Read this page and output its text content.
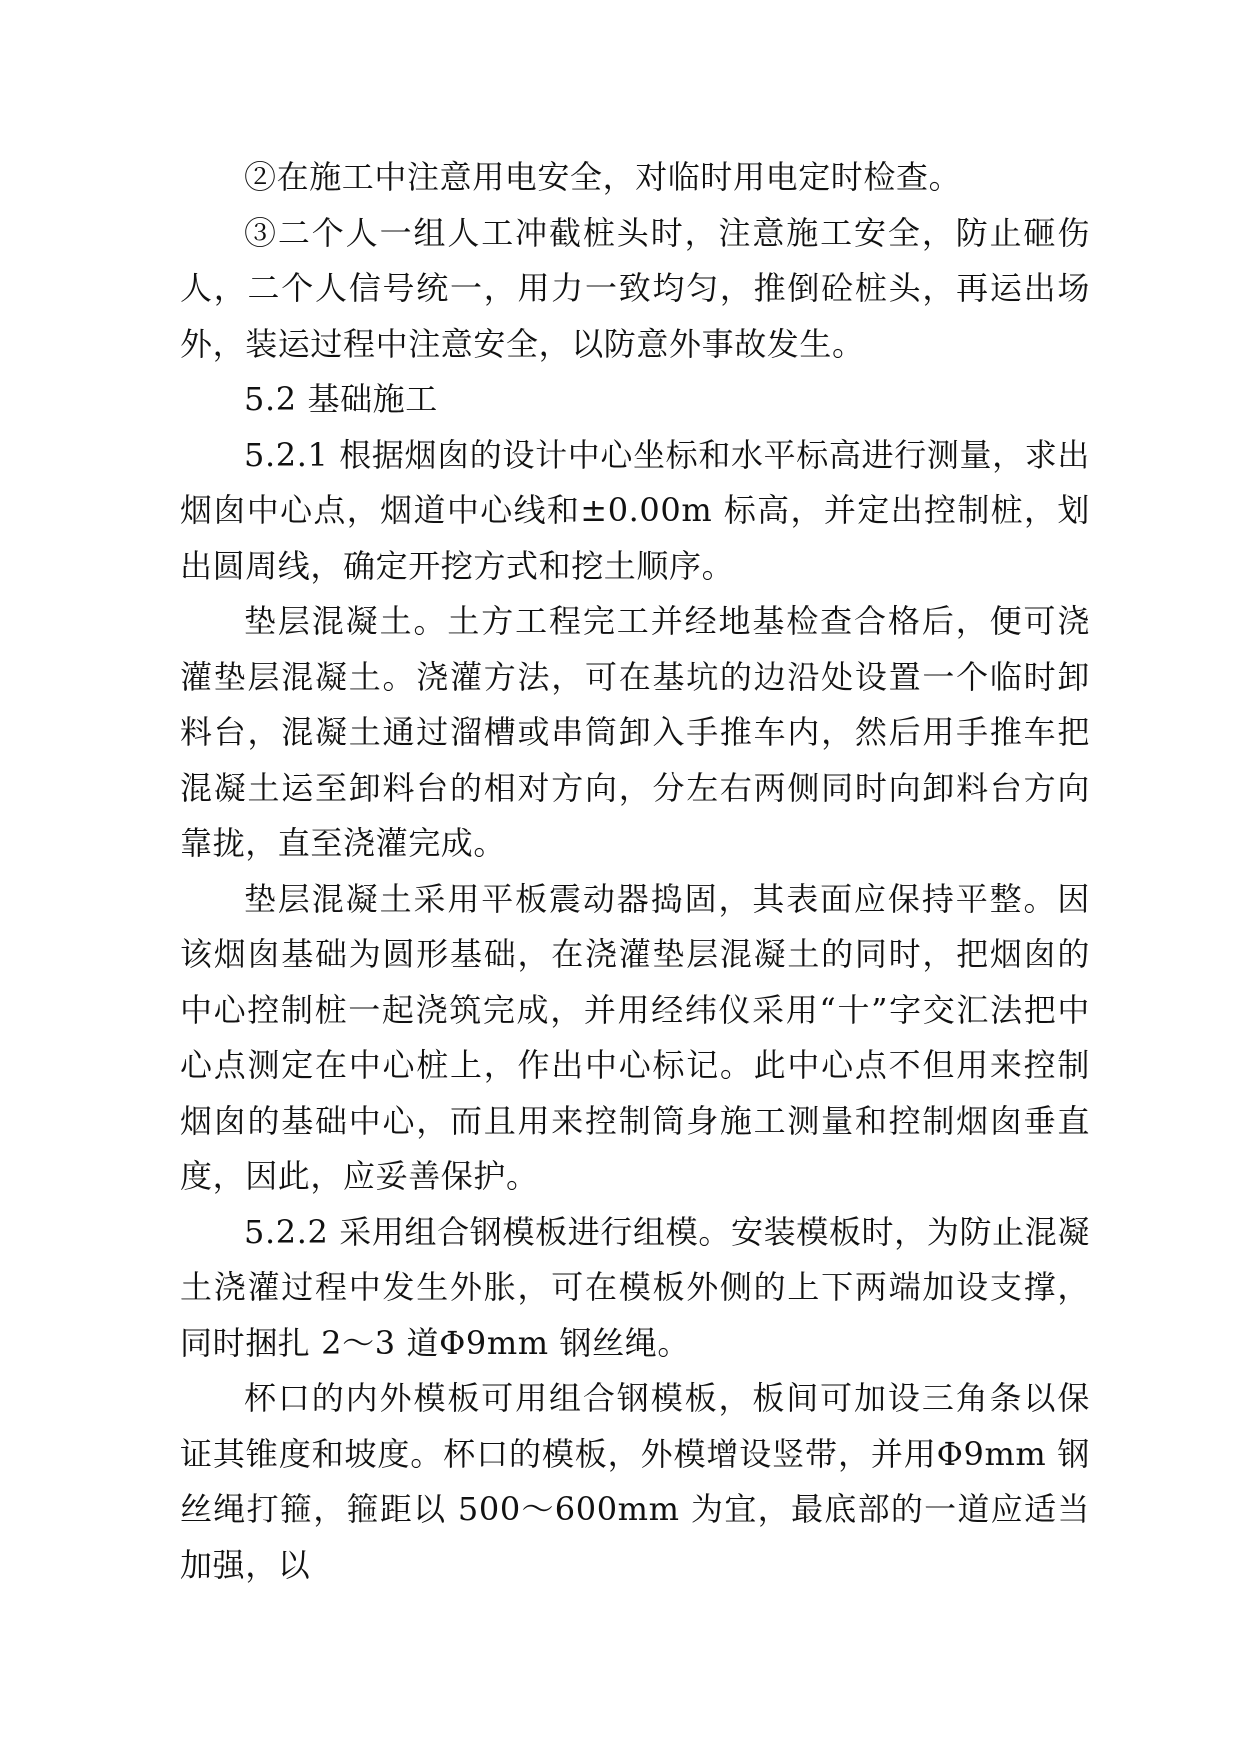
②在施工中注意用电安全，对临时用电定时检查。

③二个人一组人工冲截桩头时，注意施工安全，防止砸伤人，二个人信号统一，用力一致均匀，推倒砼桩头，再运出场外，装运过程中注意安全，以防意外事故发生。

5.2 基础施工

5.2.1 根据烟囱的设计中心坐标和水平标高进行测量，求出烟囱中心点，烟道中心线和±0.00m 标高，并定出控制桩，划出圆周线，确定开挖方式和挖土顺序。

垫层混凝土。土方工程完工并经地基检查合格后，便可浇灌垫层混凝土。浇灌方法，可在基坑的边沿处设置一个临时卸料台，混凝土通过溜槽或串筒卸入手推车内，然后用手推车把混凝土运至卸料台的相对方向，分左右两侧同时向卸料台方向靠拢，直至浇灌完成。

垫层混凝土采用平板震动器捣固，其表面应保持平整。因该烟囱基础为圆形基础，在浇灌垫层混凝土的同时，把烟囱的中心控制桩一起浇筑完成，并用经纬仪采用“十”字交汇法把中心点测定在中心桩上，作出中心标记。此中心点不但用来控制烟囱的基础中心，而且用来控制筒身施工测量和控制烟囱垂直度，因此，应妥善保护。

5.2.2 采用组合钢模板进行组模。安装模板时，为防止混凝土浇灌过程中发生外胀，可在模板外侧的上下两端加设支撑，同时捆扎 2～3 道Φ9mm 钢丝绳。

杯口的内外模板可用组合钢模板，板间可加设三角条以保证其锥度和坡度。杯口的模板，外模增设竖带，并用Φ9mm 钢丝绳打箍，箍距以 500～600mm 为宜，最底部的一道应适当加强，以
